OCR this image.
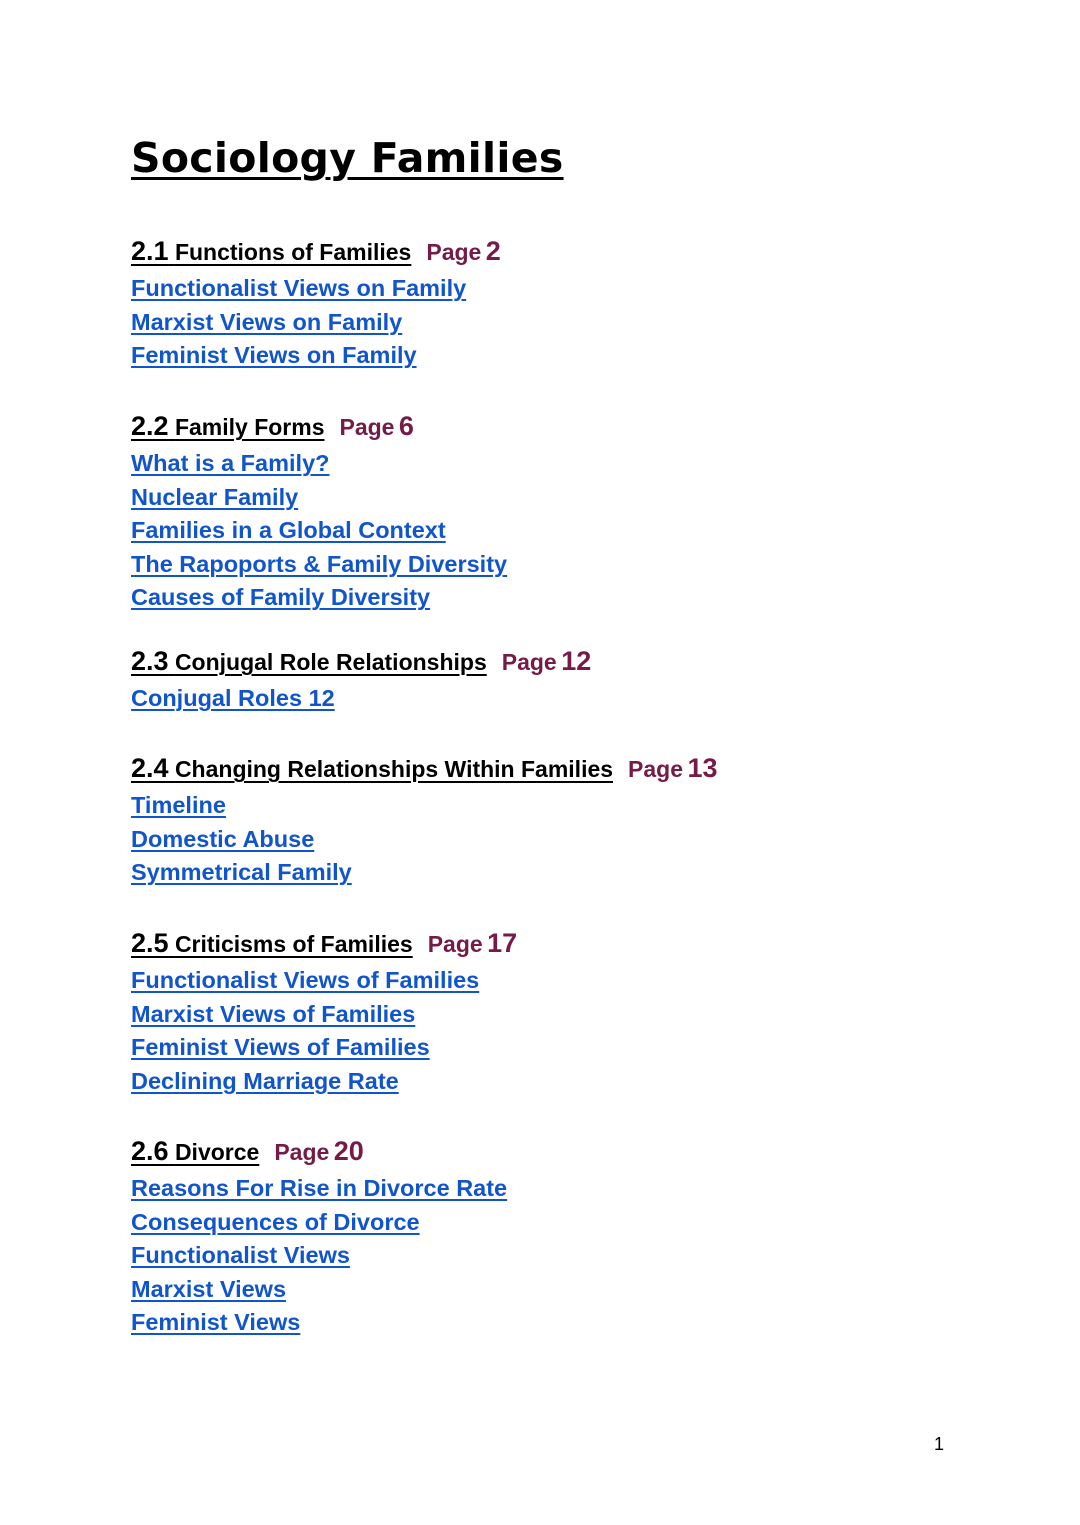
Sociology Families
2.1
Functions of Families Page 2
Functionalist Views on Family
Marxist Views on Family
Feminist Views on Family
2.2
Family Forms Page 6
What is a Family?
Nuclear Family
Families in a Global Context
The Rapoports & Family Diversity
Causes of Family Diversity
2.3
Conjugal Role Relationships Page 12
Conjugal Roles 12
2.4
Changing Relationships Within Families Page 13
Timeline
Domestic Abuse
Symmetrical Family
2.5
Criticisms of Families Page 17
Functionalist Views of Families
Marxist Views of Families
Feminist Views of Families
Declining Marriage Rate
2.6
Divorce Page 20
Reasons For Rise in Divorce Rate
Consequences of Divorce
Functionalist Views
Marxist Views
Feminist Views
1
